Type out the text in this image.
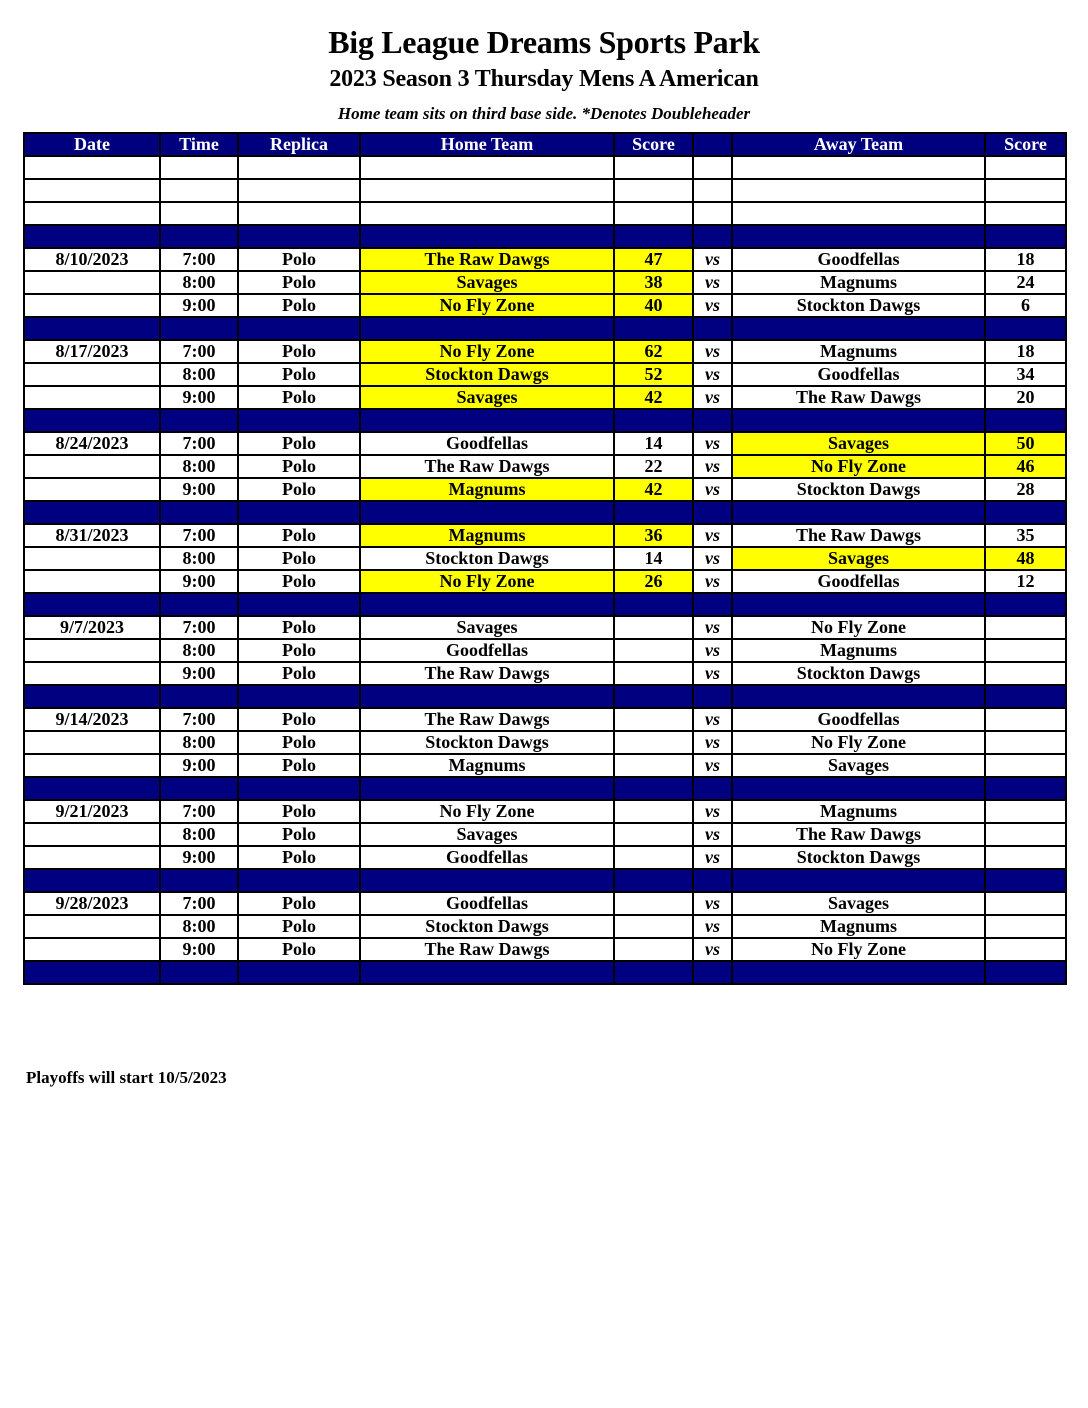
Big League Dreams Sports Park
2023 Season 3 Thursday Mens A American
Home team sits on third base side. *Denotes Doubleheader
Date	Time	Replica	Home Team	Score		Away Team	Score

8/10/2023	7:00	Polo	The Raw Dawgs	47	vs	Goodfellas	18
	8:00	Polo	Savages	38	vs	Magnums	24
	9:00	Polo	No Fly Zone	40	vs	Stockton Dawgs	6

8/17/2023	7:00	Polo	No Fly Zone	62	vs	Magnums	18
	8:00	Polo	Stockton Dawgs	52	vs	Goodfellas	34
	9:00	Polo	Savages	42	vs	The Raw Dawgs	20

8/24/2023	7:00	Polo	Goodfellas	14	vs	Savages	50
	8:00	Polo	The Raw Dawgs	22	vs	No Fly Zone	46
	9:00	Polo	Magnums	42	vs	Stockton Dawgs	28

8/31/2023	7:00	Polo	Magnums	36	vs	The Raw Dawgs	35
	8:00	Polo	Stockton Dawgs	14	vs	Savages	48
	9:00	Polo	No Fly Zone	26	vs	Goodfellas	12

9/7/2023	7:00	Polo	Savages		vs	No Fly Zone	
	8:00	Polo	Goodfellas		vs	Magnums	
	9:00	Polo	The Raw Dawgs		vs	Stockton Dawgs	

9/14/2023	7:00	Polo	The Raw Dawgs		vs	Goodfellas	
	8:00	Polo	Stockton Dawgs		vs	No Fly Zone	
	9:00	Polo	Magnums		vs	Savages	

9/21/2023	7:00	Polo	No Fly Zone		vs	Magnums	
	8:00	Polo	Savages		vs	The Raw Dawgs	
	9:00	Polo	Goodfellas		vs	Stockton Dawgs	

9/28/2023	7:00	Polo	Goodfellas		vs	Savages	
	8:00	Polo	Stockton Dawgs		vs	Magnums	
	9:00	Polo	The Raw Dawgs		vs	No Fly Zone	

Playoffs will start 10/5/2023
